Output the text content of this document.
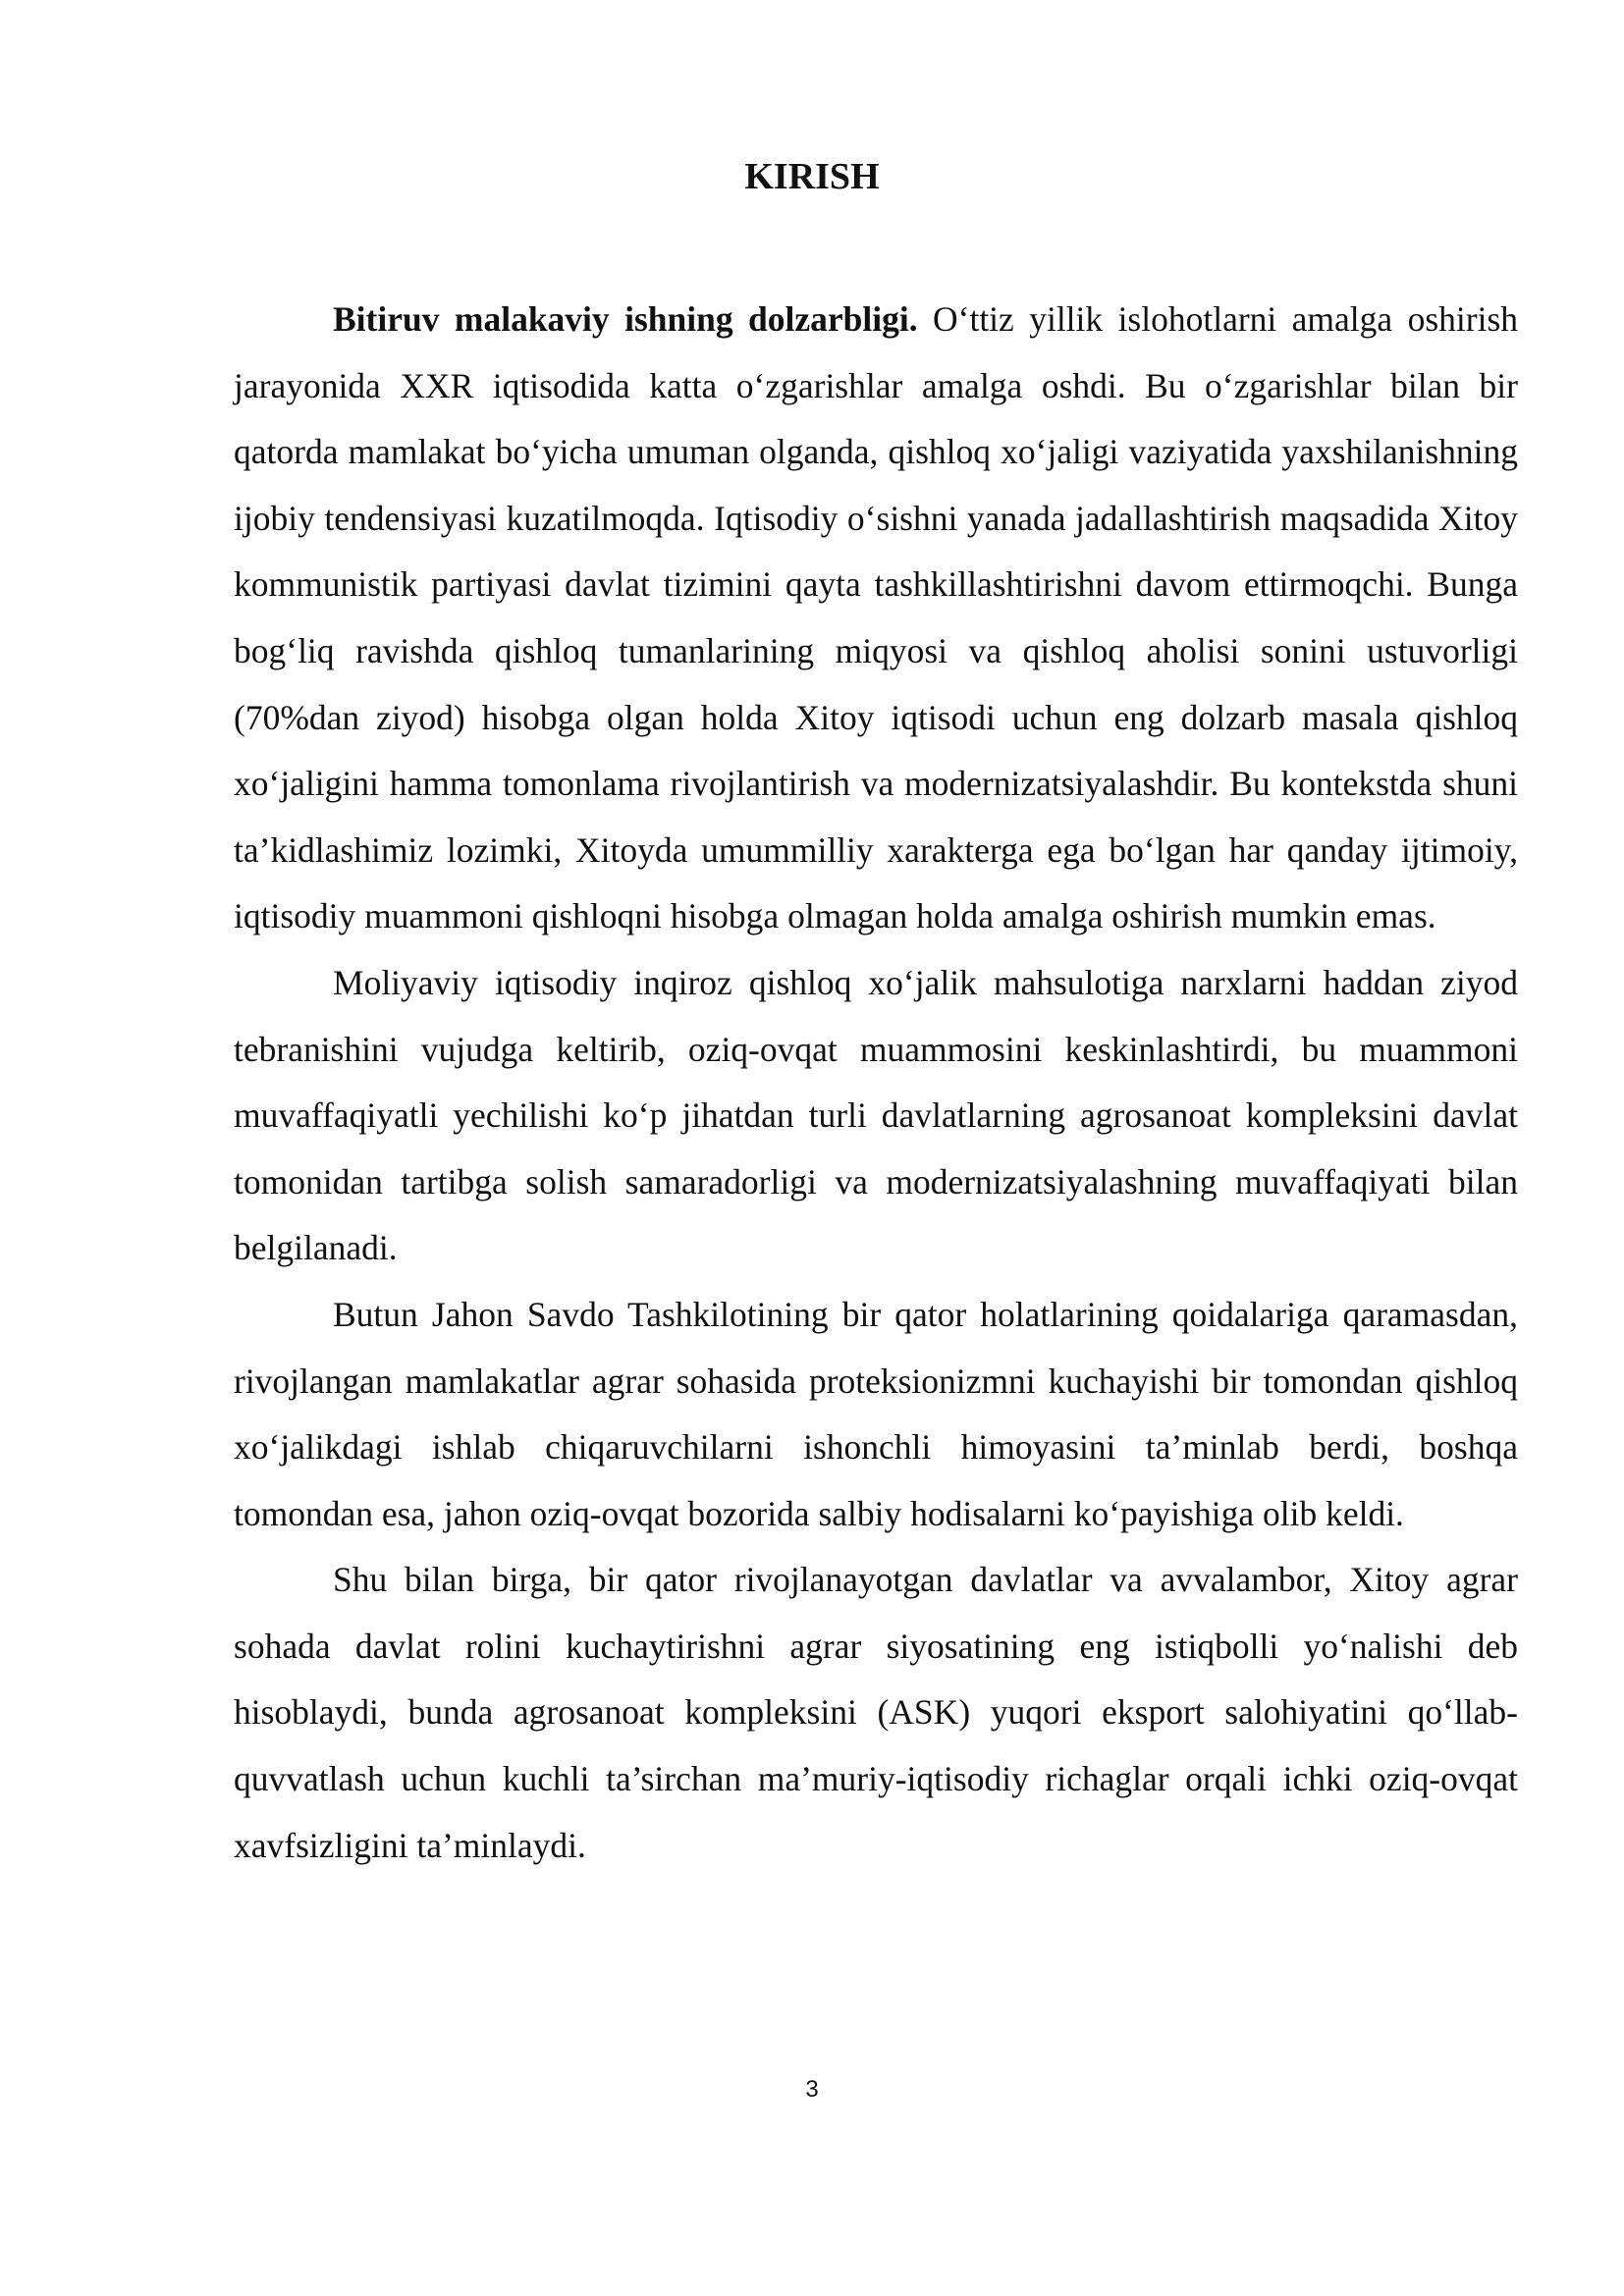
KIRISH

Bitiruv malakaviy ishning dolzarbligi. O‘ttiz yillik islohotlarni amalga oshirish jarayonida XXR iqtisodida katta o‘zgarishlar amalga oshdi. Bu o‘zgarishlar bilan bir qatorda mamlakat bo‘yicha umuman olganda, qishloq xo‘jaligi vaziyatida yaxshilanishning ijobiy tendensiyasi kuzatilmoqda. Iqtisodiy o‘sishni yanada jadallashtirish maqsadida Xitoy kommunistik partiyasi davlat tizimini qayta tashkillashtirishni davom ettirmoqchi. Bunga bog‘liq ravishda qishloq tumanlarining miqyosi va qishloq aholisi sonini ustuvorligi (70%dan ziyod) hisobga olgan holda Xitoy iqtisodi uchun eng dolzarb masala qishloq xo‘jaligini hamma tomonlama rivojlantirish va modernizatsiyalashdir. Bu kontekstda shuni ta’kidlashimiz lozimki, Xitoyda umummilliy xarakterga ega bo‘lgan har qanday ijtimoiy, iqtisodiy muammoni qishloqni hisobga olmagan holda amalga oshirish mumkin emas.

Moliyaviy iqtisodiy inqiroz qishloq xo‘jalik mahsulotiga narxlarni haddan ziyod tebranishini vujudga keltirib, oziq-ovqat muammosini keskinlashtirdi, bu muammoni muvaffaqiyatli yechilishi ko‘p jihatdan turli davlatlarning agrosanoat kompleksini davlat tomonidan tartibga solish samaradorligi va modernizatsiyalashning muvaffaqiyati bilan belgilanadi.

Butun Jahon Savdo Tashkilotining bir qator holatlarining qoidalariga qaramasdan, rivojlangan mamlakatlar agrar sohasida proteksionizmni kuchayishi bir tomondan qishloq xo‘jalikdagi ishlab chiqaruvchilarni ishonchli himoyasini ta’minlab berdi, boshqa tomondan esa, jahon oziq-ovqat bozorida salbiy hodisalarni ko‘payishiga olib keldi.

Shu bilan birga, bir qator rivojlanayotgan davlatlar va avvalambor, Xitoy agrar sohada davlat rolini kuchaytirishni agrar siyosatining eng istiqbolli yo‘nalishi deb hisoblaydi, bunda agrosanoat kompleksini (ASK) yuqori eksport salohiyatini qo‘llab-quvvatlash uchun kuchli ta’sirchan ma’muriy-iqtisodiy richaglar orqali ichki oziq-ovqat xavfsizligini ta’minlaydi.

3
